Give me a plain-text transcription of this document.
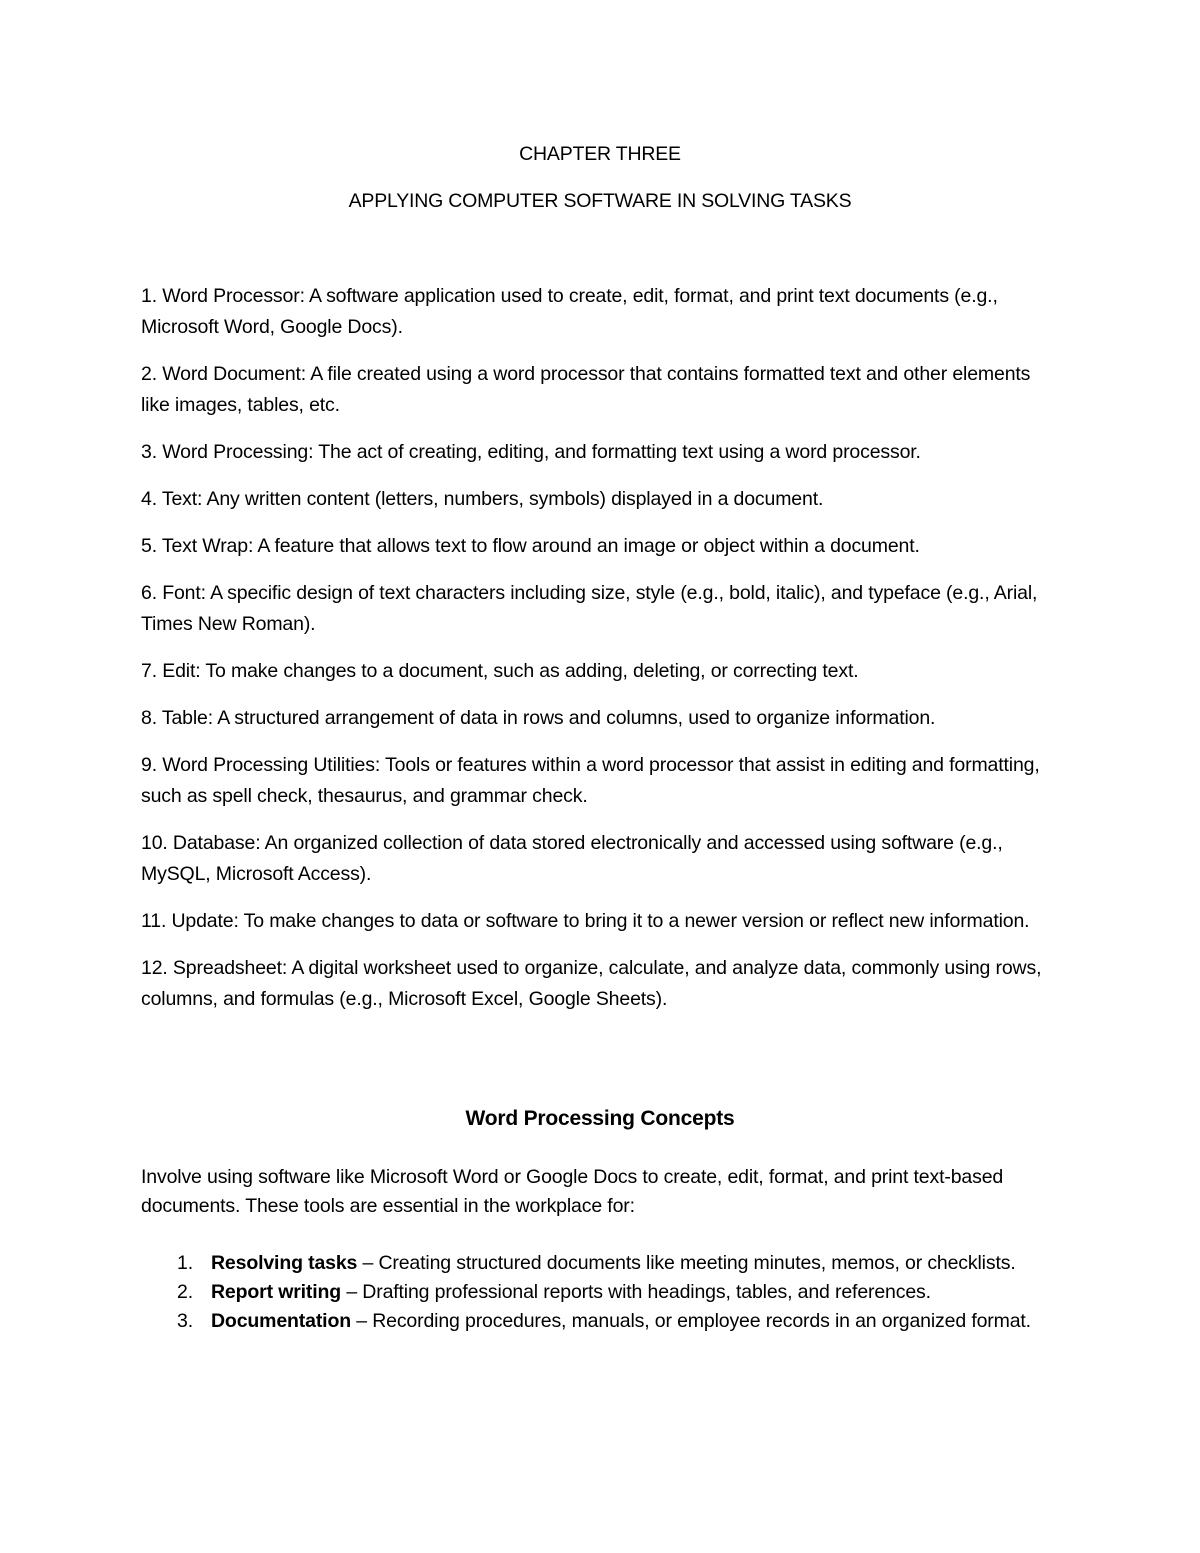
CHAPTER THREE
APPLYING COMPUTER SOFTWARE IN SOLVING TASKS
1. Word Processor: A software application used to create, edit, format, and print text documents (e.g., Microsoft Word, Google Docs).
2. Word Document: A file created using a word processor that contains formatted text and other elements like images, tables, etc.
3. Word Processing: The act of creating, editing, and formatting text using a word processor.
4. Text: Any written content (letters, numbers, symbols) displayed in a document.
5. Text Wrap: A feature that allows text to flow around an image or object within a document.
6. Font: A specific design of text characters including size, style (e.g., bold, italic), and typeface (e.g., Arial, Times New Roman).
7. Edit: To make changes to a document, such as adding, deleting, or correcting text.
8. Table: A structured arrangement of data in rows and columns, used to organize information.
9. Word Processing Utilities: Tools or features within a word processor that assist in editing and formatting, such as spell check, thesaurus, and grammar check.
10. Database: An organized collection of data stored electronically and accessed using software (e.g., MySQL, Microsoft Access).
11. Update: To make changes to data or software to bring it to a newer version or reflect new information.
12. Spreadsheet: A digital worksheet used to organize, calculate, and analyze data, commonly using rows, columns, and formulas (e.g., Microsoft Excel, Google Sheets).
Word Processing Concepts

Involve using software like Microsoft Word or Google Docs to create, edit, format, and print text-based documents. These tools are essential in the workplace for:

1. Resolving tasks – Creating structured documents like meeting minutes, memos, or checklists.
2. Report writing – Drafting professional reports with headings, tables, and references.
3. Documentation – Recording procedures, manuals, or employee records in an organized format.
